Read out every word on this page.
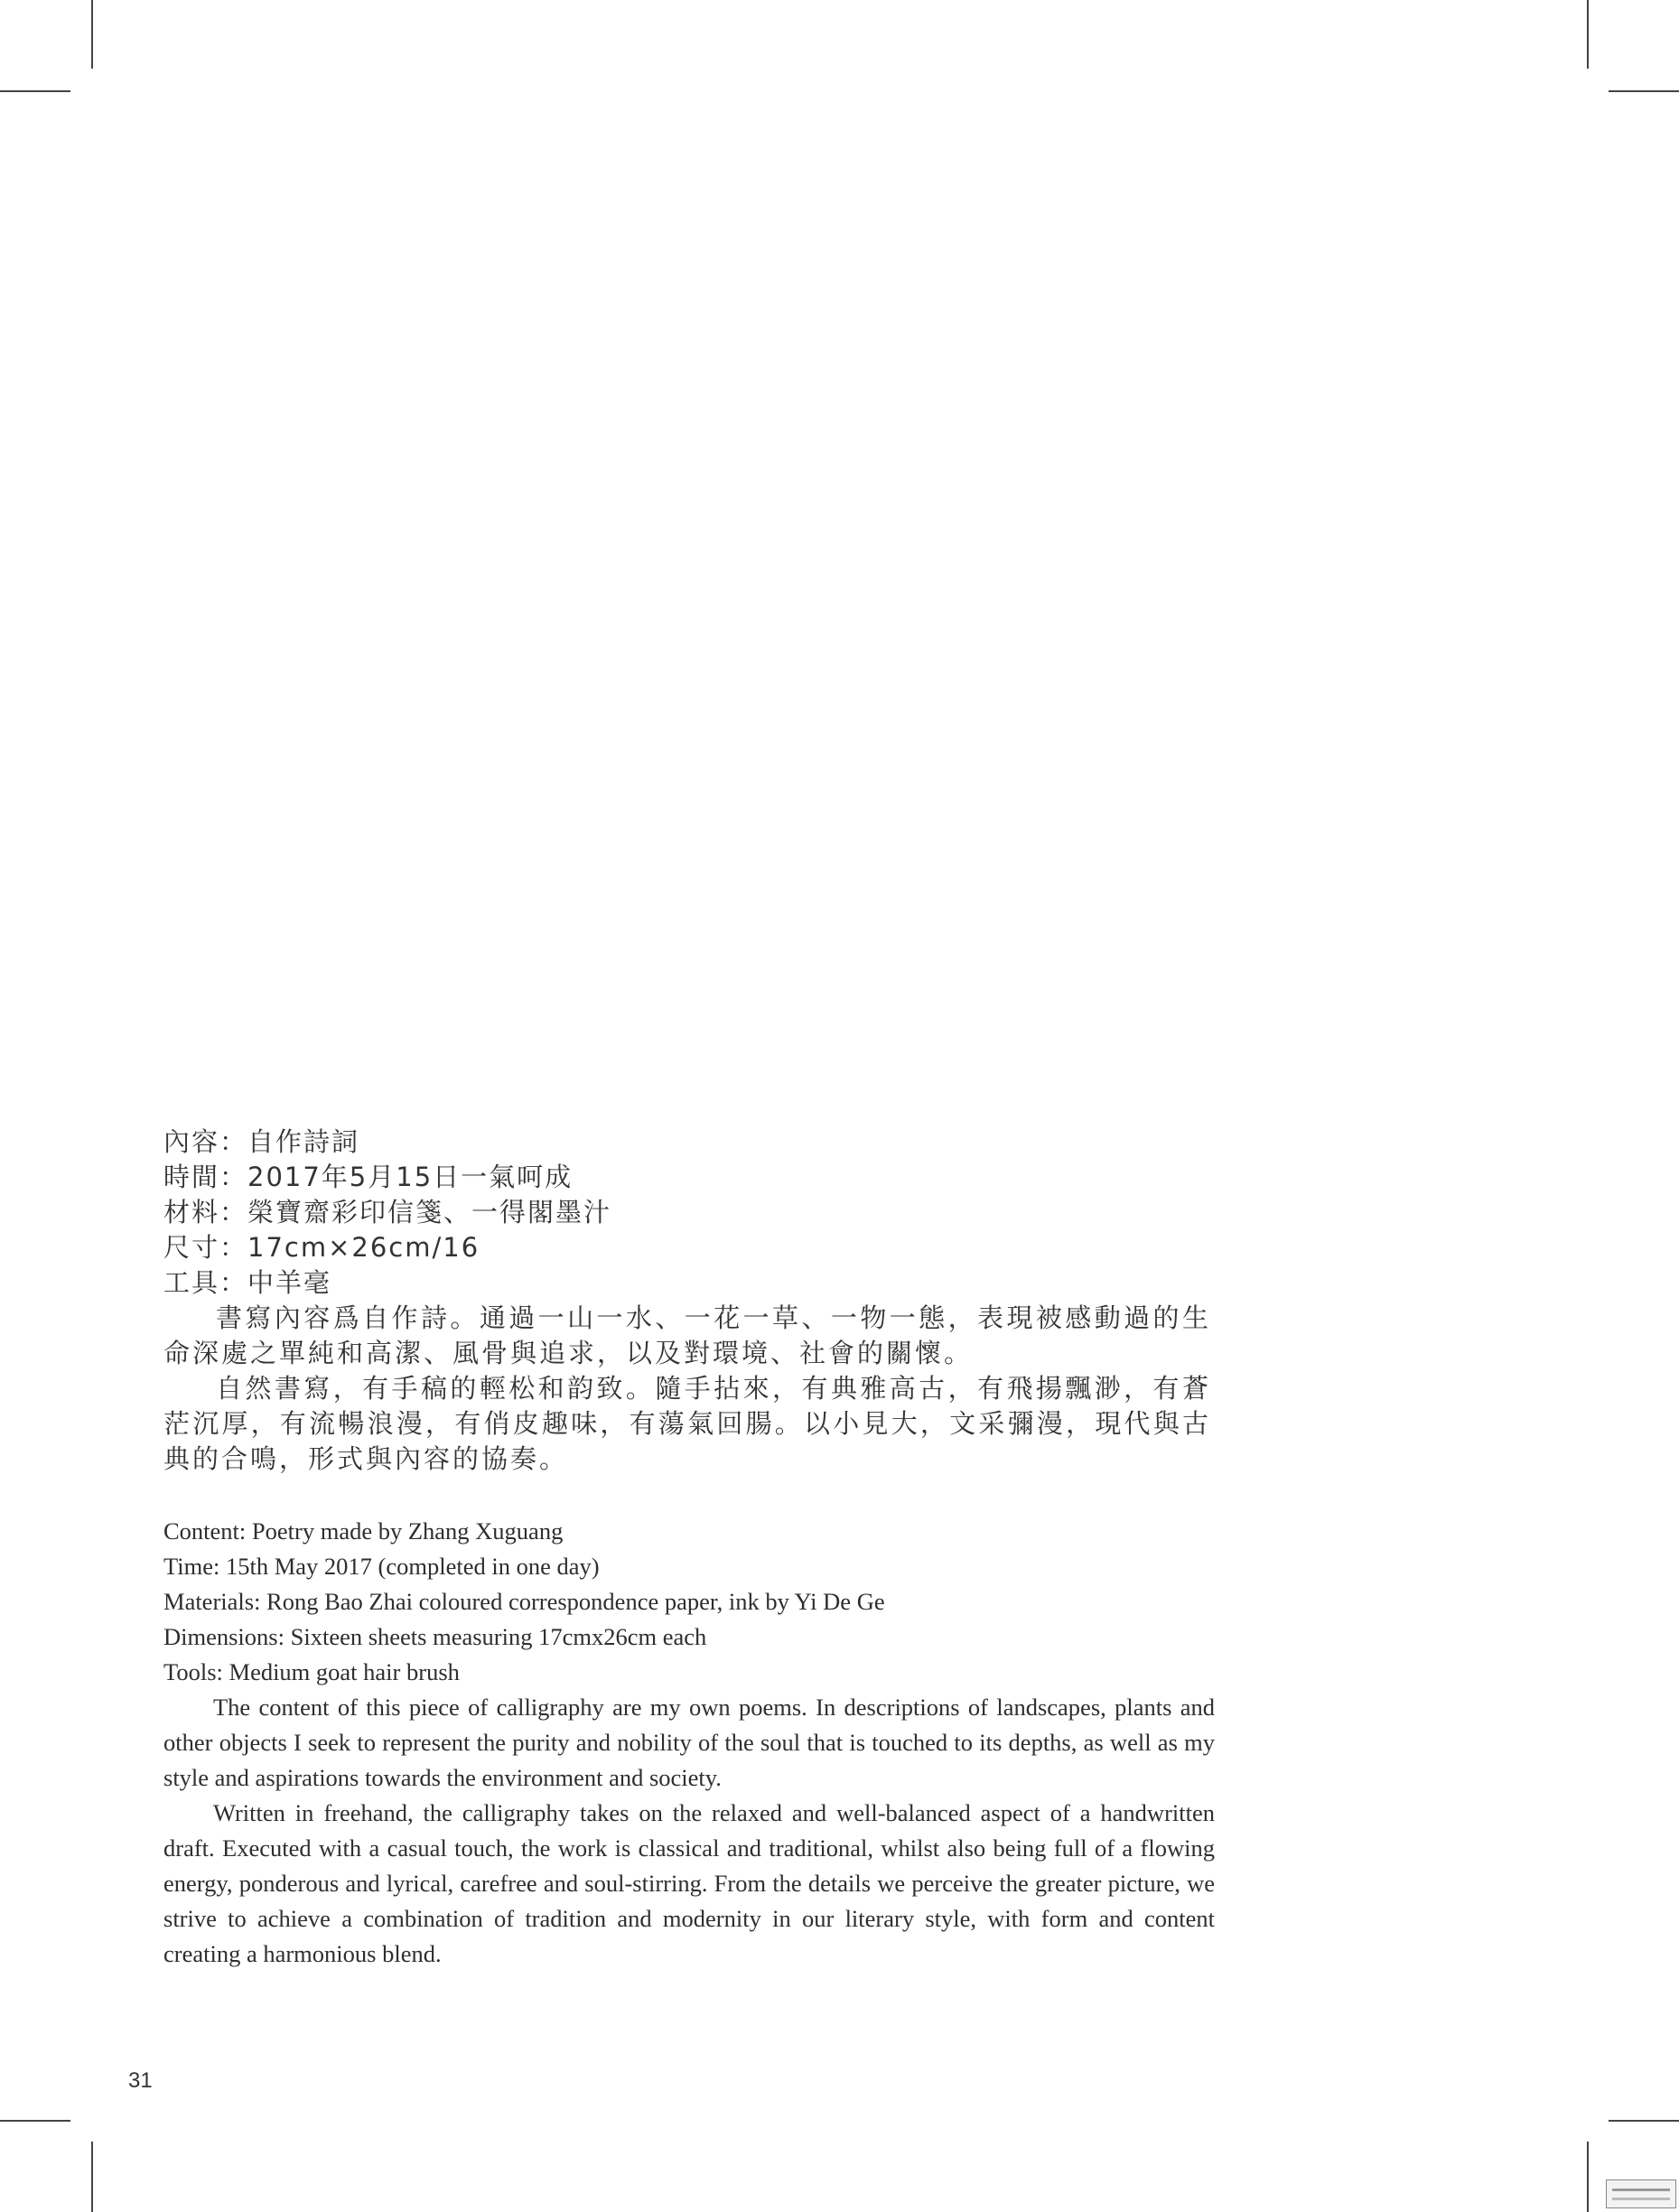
內容：自作詩詞
時間：2017年5月15日一氣呵成
材料：榮寶齋彩印信箋、一得閣墨汁
尺寸：17cm×26cm/16
工具：中羊毫
書寫內容爲自作詩。通過一山一水、一花一草、一物一態，表現被感動過的生命深處之單純和高潔、風骨與追求，以及對環境、社會的關懷。
自然書寫，有手稿的輕松和韵致。隨手拈來，有典雅高古，有飛揚飄渺，有蒼茫沉厚，有流暢浪漫，有俏皮趣味，有蕩氣回腸。以小見大，文采彌漫，現代與古典的合鳴，形式與內容的協奏。
Content: Poetry made by Zhang Xuguang
Time: 15th May 2017 (completed in one day)
Materials: Rong Bao Zhai coloured correspondence paper, ink by Yi De Ge
Dimensions: Sixteen sheets measuring 17cmx26cm each
Tools: Medium goat hair brush
The content of this piece of calligraphy are my own poems. In descriptions of landscapes, plants and other objects I seek to represent the purity and nobility of the soul that is touched to its depths, as well as my style and aspirations towards the environment and society.
Written in freehand, the calligraphy takes on the relaxed and well-balanced aspect of a handwritten draft. Executed with a casual touch, the work is classical and traditional, whilst also being full of a flowing energy, ponderous and lyrical, carefree and soul-stirring. From the details we perceive the greater picture, we strive to achieve a combination of tradition and modernity in our literary style, with form and content creating a harmonious blend.
31
